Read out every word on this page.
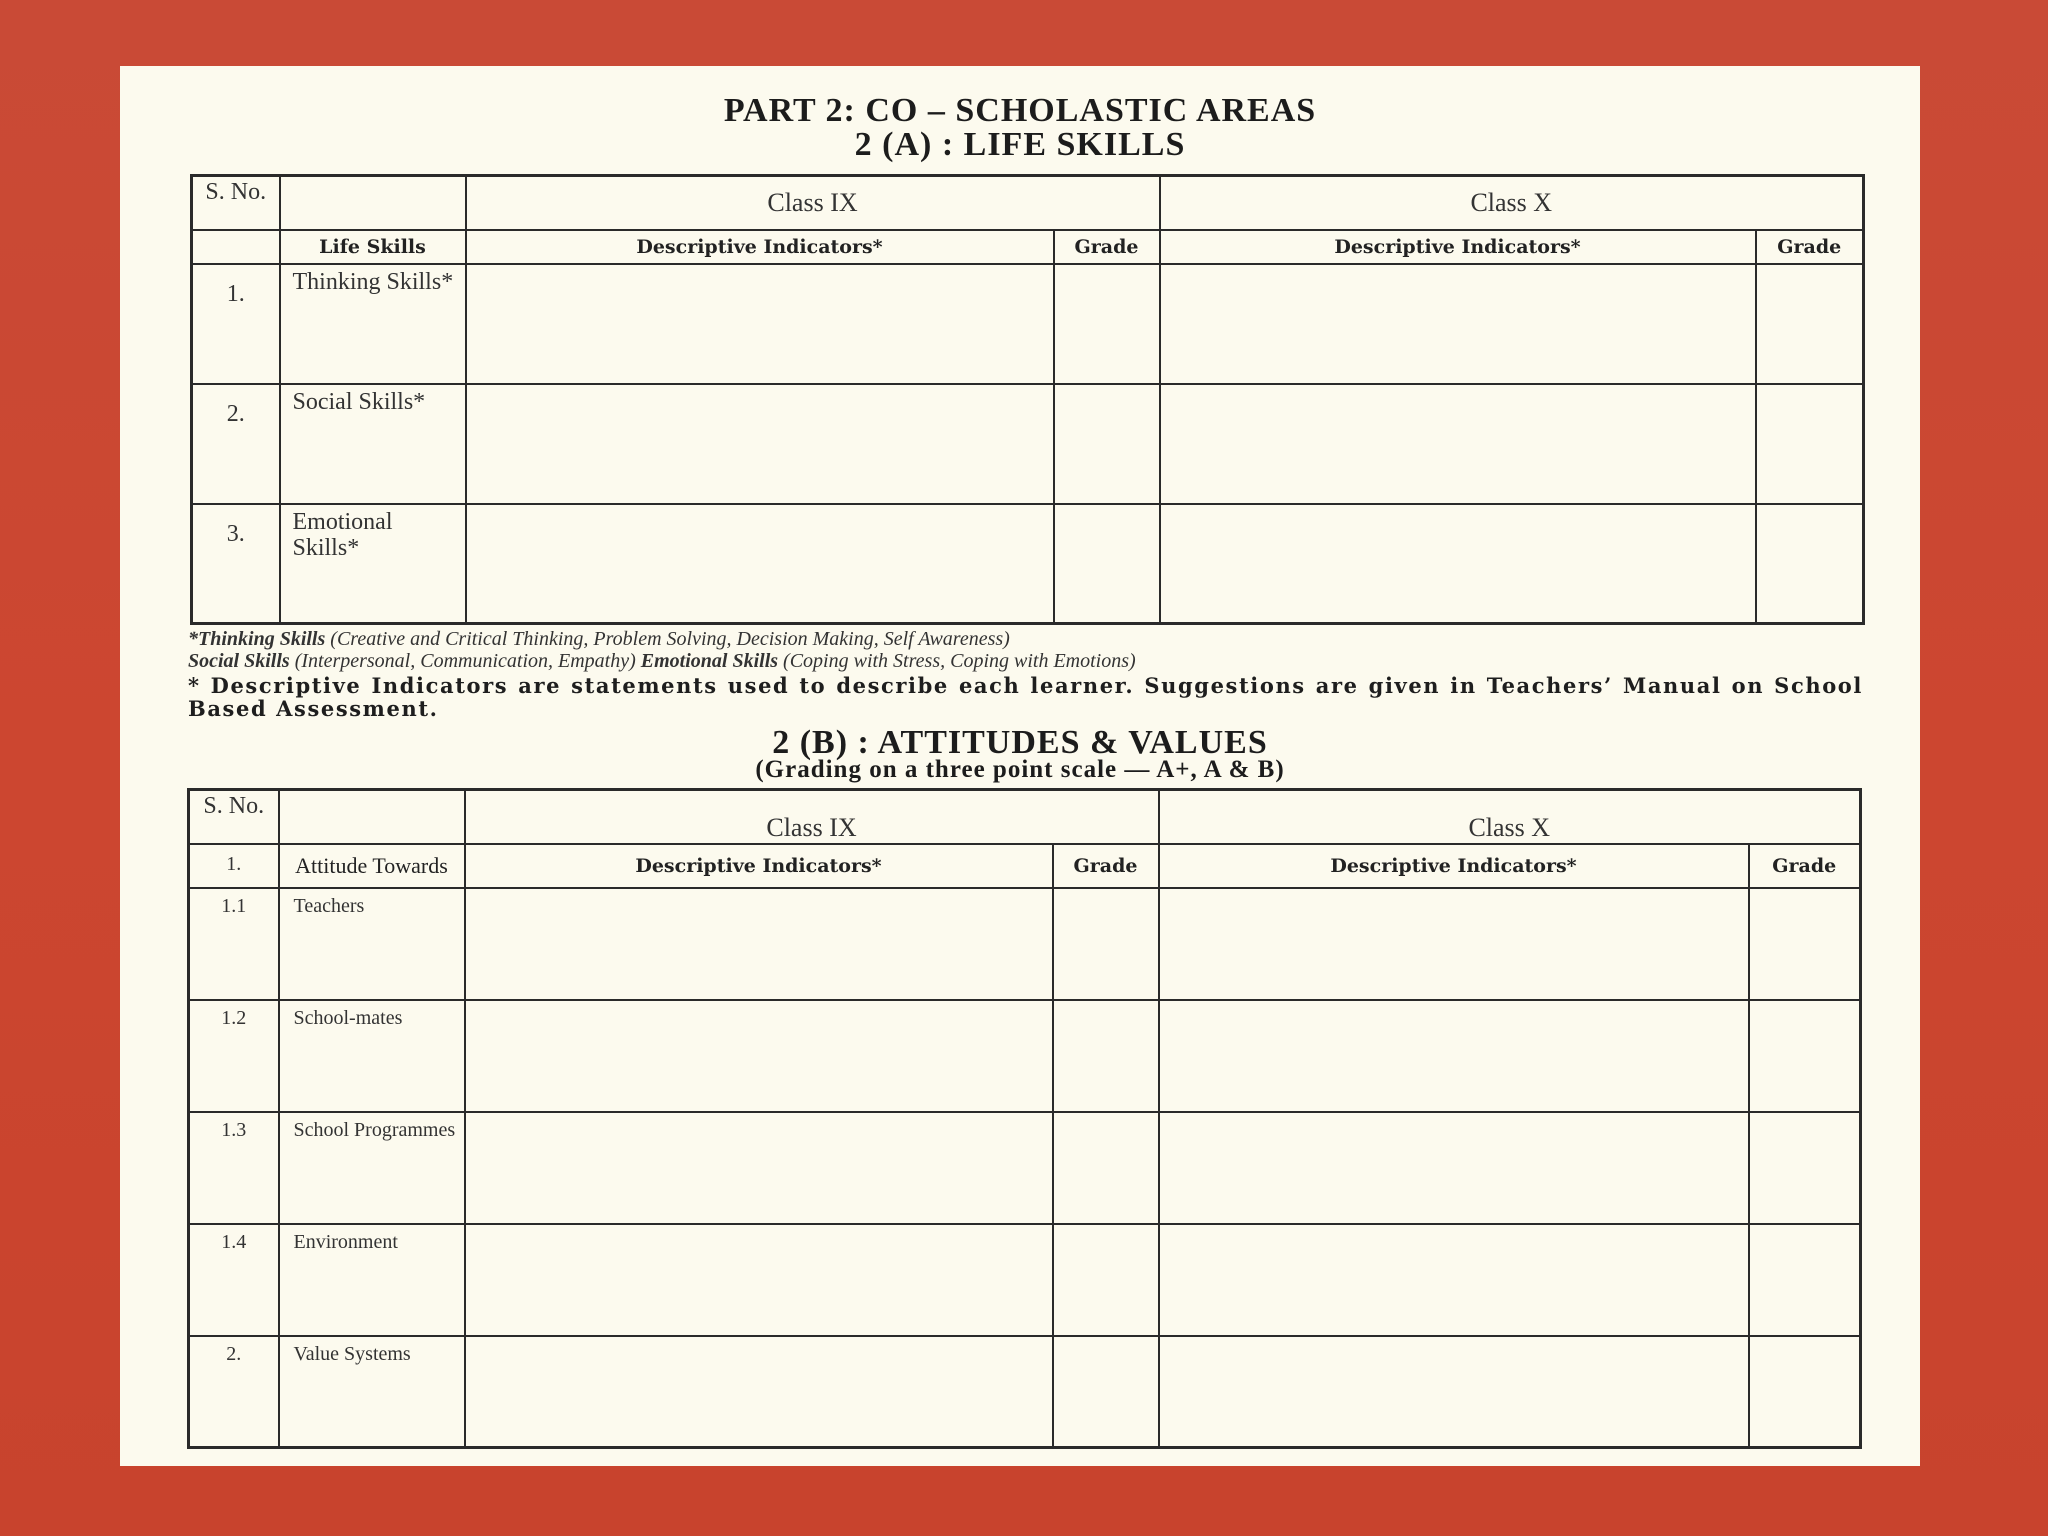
PART 2: CO – SCHOLASTIC AREAS
2 (A) : LIFE SKILLS
S. No.		Class IX		Class X	
	Life Skills	Descriptive Indicators*	Grade	Descriptive Indicators*	Grade
1.	Thinking Skills*				
2.	Social Skills*				
3.	Emotional Skills*				
*Thinking Skills (Creative and Critical Thinking, Problem Solving, Decision Making, Self Awareness)
Social Skills (Interpersonal, Communication, Empathy) Emotional Skills (Coping with Stress, Coping with Emotions)
* Descriptive Indicators are statements used to describe each learner. Suggestions are given in Teachers’ Manual on School Based Assessment.
2 (B) : ATTITUDES & VALUES
(Grading on a three point scale — A+, A & B)
S. No.		Class IX		Class X	
1.	Attitude Towards	Descriptive Indicators*	Grade	Descriptive Indicators*	Grade
1.1	Teachers				
1.2	School-mates				
1.3	School Programmes				
1.4	Environment				
2.	Value Systems				
